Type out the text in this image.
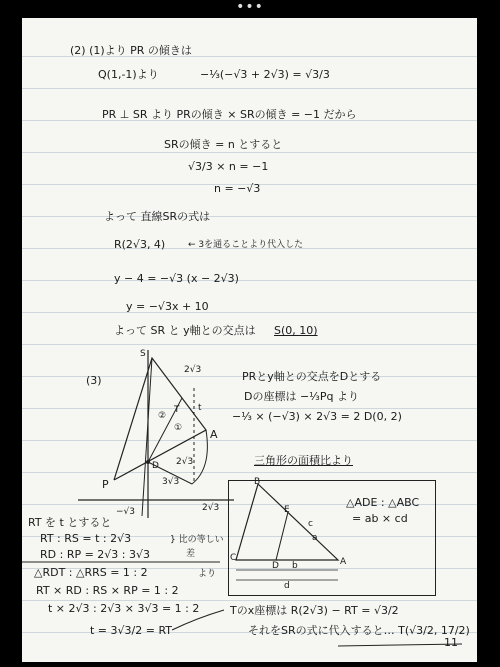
•••
(2) (1)より PR の傾きは
Q(1,-1)より	−⅓(−√3 + 2√3) = √3/3
PR ⊥ SR より PRの傾き × SRの傾き = −1 だから
SRの傾き = n とすると
√3/3 × n = −1
n = −√3
よって 直線SRの式は
R(2√3, 4)	← 3を通ることより代入した
y − 4 = −√3 (x − 2√3)
y = −√3x + 10
よって SR と y軸との交点は S(0, 10)
(3)	PRとy軸との交点をDとする
Dの座標は −⅓Pq より
−⅓ × (−√3) × 2√3 = 2 D(0, 2)
三角形の面積比より
S
2√3
②
T
①
t
A
2√3
D
3√3
P
2√3
−√3
B
C
E
c
a
D b	A
d
△ADE : △ABC
= ab × cd
RT を t とすると
RT : RS = t : 2√3
RD : RP = 2√3 : 3√3
} 比の等しい
差
△RDT : △RRS = 1 : 2	より
RT × RD : RS × RP = 1 : 2
t × 2√3 : 2√3 × 3√3 = 1 : 2
t = 3√3/2 = RT
Tのx座標は R(2√3) − RT = √3/2
それをSRの式に代入すると… T(√3/2, 17/2)
11
